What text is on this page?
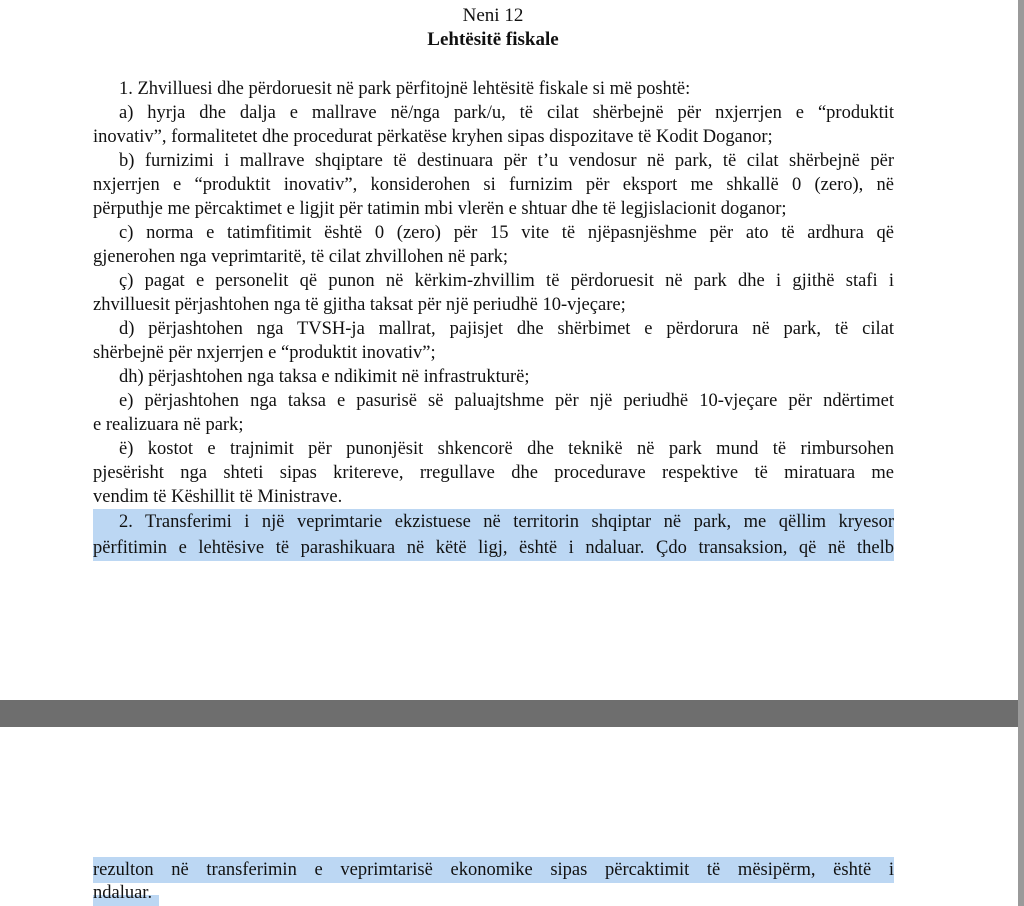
Neni 12
Lehtësitë fiskale
1. Zhvilluesi dhe përdoruesit në park përfitojnë lehtësitë fiskale si më poshtë:
a) hyrja dhe dalja e mallrave në/nga park/u, të cilat shërbejnë për nxjerrjen e “produktit
inovativ”, formalitetet dhe procedurat përkatëse kryhen sipas dispozitave të Kodit Doganor;
b) furnizimi i mallrave shqiptare të destinuara për t’u vendosur në park, të cilat shërbejnë për
nxjerrjen e “produktit inovativ”, konsiderohen si furnizim për eksport me shkallë 0 (zero), në
përputhje me përcaktimet e ligjit për tatimin mbi vlerën e shtuar dhe të legjislacionit doganor;
c) norma e tatimfitimit është 0 (zero) për 15 vite të njëpasnjëshme për ato të ardhura që
gjenerohen nga veprimtaritë, të cilat zhvillohen në park;
ç) pagat e personelit që punon në kërkim-zhvillim të përdoruesit në park dhe i gjithë stafi i
zhvilluesit përjashtohen nga të gjitha taksat për një periudhë 10-vjeçare;
d) përjashtohen nga TVSH-ja mallrat, pajisjet dhe shërbimet e përdorura në park, të cilat
shërbejnë për nxjerrjen e “produktit inovativ”;
dh) përjashtohen nga taksa e ndikimit në infrastrukturë;
e) përjashtohen nga taksa e pasurisë së paluajtshme për një periudhë 10-vjeçare për ndërtimet
e realizuara në park;
ë) kostot e trajnimit për punonjësit shkencorë dhe teknikë në park mund të rimbursohen
pjesërisht nga shteti sipas kritereve, rregullave dhe procedurave respektive të miratuara me
vendim të Këshillit të Ministrave.
2. Transferimi i një veprimtarie ekzistuese në territorin shqiptar në park, me qëllim kryesor
përfitimin e lehtësive të parashikuara në këtë ligj, është i ndaluar. Çdo transaksion, që në thelb
rezulton në transferimin e veprimtarisë ekonomike sipas përcaktimit të mësipërm, është i
ndaluar.
